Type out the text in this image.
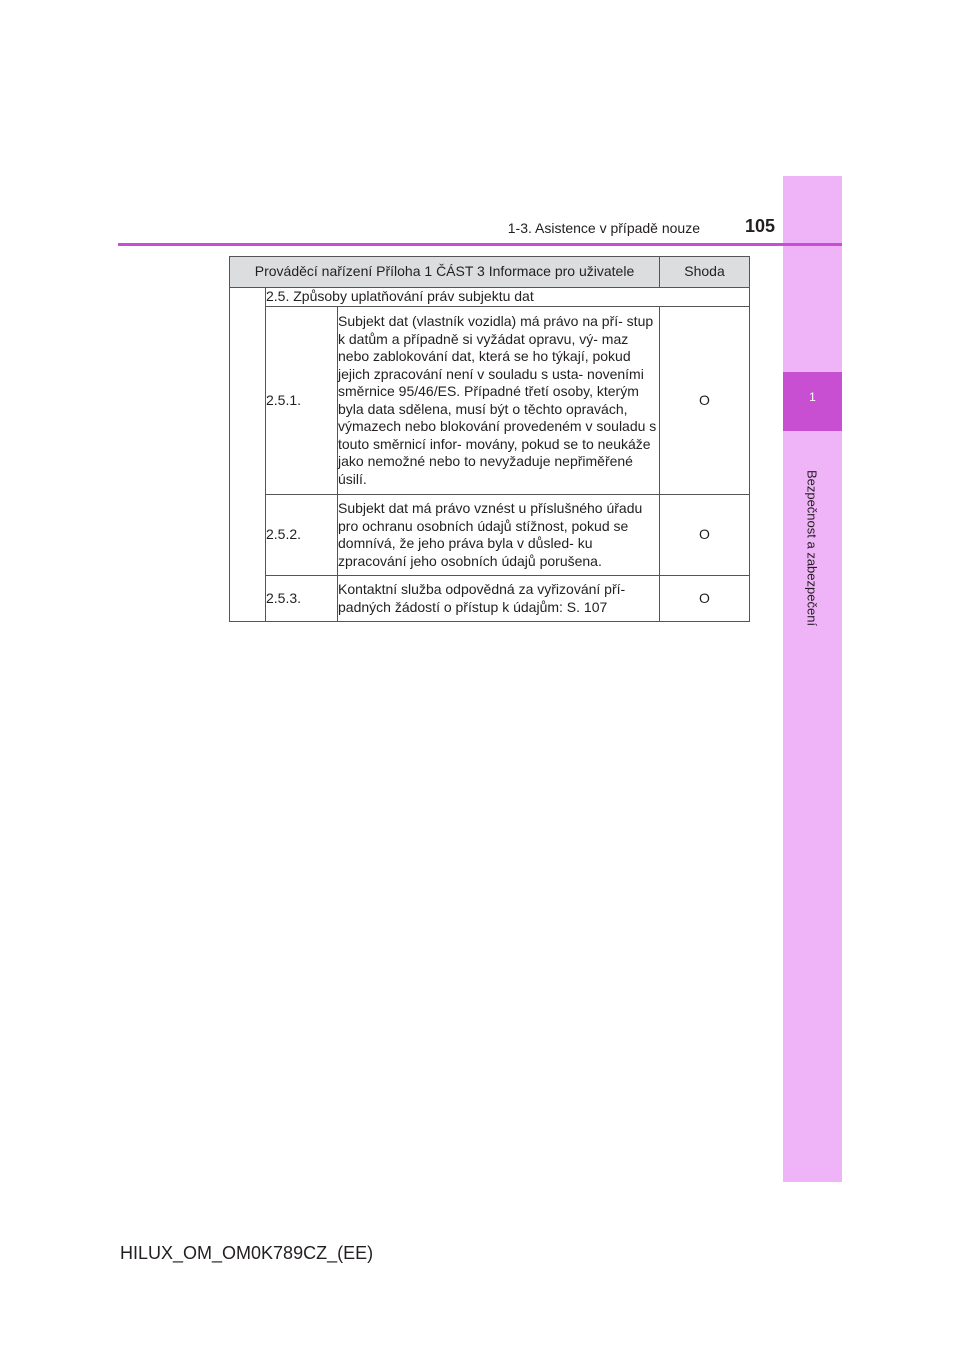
1
Bezpečnost a zabezpečení
1-3. Asistence v případě nouze	105
Prováděcí nařízení Příloha 1 ČÁST 3 Informace pro uživatele			Shoda
	2.5. Způsoby uplatňování práv subjektu dat		
	2.5.1.	Subjekt dat (vlastník vozidla) má právo na pří- stup k datům a případně si vyžádat opravu, vý- maz nebo zablokování dat, která se ho týkají, pokud jejich zpracování není v souladu s usta- noveními směrnice 95/46/ES. Případné třetí osoby, kterým byla data sdělena, musí být o těchto opravách, výmazech nebo blokování provedeném v souladu s touto směrnicí infor- movány, pokud se to neukáže jako nemožné nebo to nevyžaduje nepřiměřené úsilí.	O
	2.5.2.	Subjekt dat má právo vznést u příslušného úřadu pro ochranu osobních údajů stížnost, pokud se domnívá, že jeho práva byla v důsled- ku zpracování jeho osobních údajů porušena.	O
	2.5.3.	Kontaktní služba odpovědná za vyřizování pří- padných žádostí o přístup k údajům: S. 107	O
HILUX_OM_OM0K789CZ_(EE)
